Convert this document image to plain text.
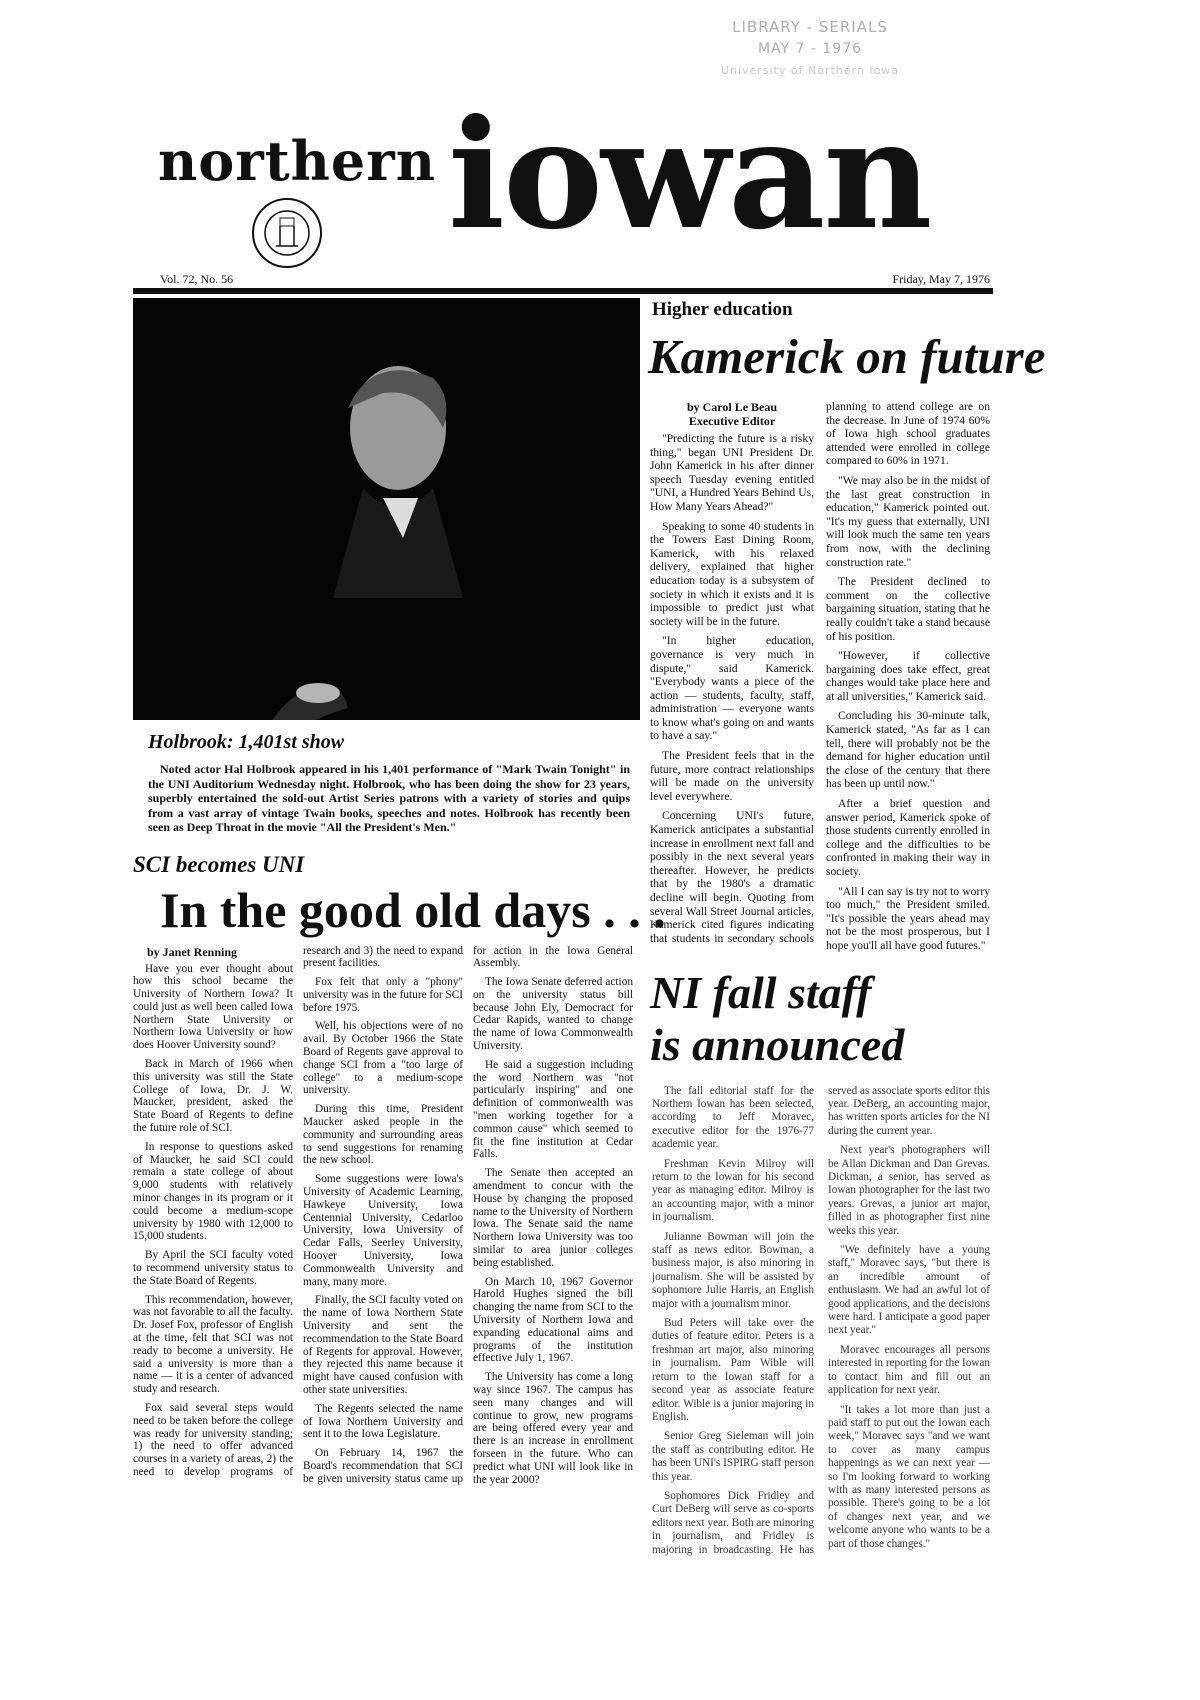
LIBRARY - SERIALS
MAY 7 - 1976
University of Northern Iowa
northern iowan
Vol. 72, No. 56	Friday, May 7, 1976
Holbrook: 1,401st show
Noted actor Hal Holbrook appeared in his 1,401 performance of "Mark Twain Tonight" in the UNI Auditorium Wednesday night. Holbrook, who has been doing the show for 23 years, superbly entertained the sold-out Artist Series patrons with a variety of stories and quips from a vast array of vintage Twain books, speeches and notes. Holbrook has recently been seen as Deep Throat in the movie "All the President's Men."
SCI becomes UNI
In the good old days . . .
by Janet Renning

Have you ever thought about how this school became the University of Northern Iowa? It could just as well been called Iowa Northern State University or Northern Iowa University or how does Hoover University sound?

Back in March of 1966 when this university was still the State College of Iowa, Dr. J. W. Maucker, president, asked the State Board of Regents to define the future role of SCI.

In response to questions asked of Maucker, he said SCI could remain a state college of about 9,000 students with relatively minor changes in its program or it could become a medium-scope university by 1980 with 12,000 to 15,000 students.

By April the SCI faculty voted to recommend university status to the State Board of Regents.

This recommendation, however, was not favorable to all the faculty. Dr. Josef Fox, professor of English at the time, felt that SCI was not ready to become a university. He said a university is more than a name — it is a center of advanced study and research.

Fox said several steps would need to be taken before the college was ready for university standing; 1) the need to offer advanced courses in a variety of areas, 2) the need to develop programs of research and 3) the need to expand present facilities.

Fox felt that only a "phony" university was in the future for SCI before 1975.

Well, his objections were of no avail. By October 1966 the State Board of Regents gave approval to change SCI from a "too large of college" to a medium-scope university.

During this time, President Maucker asked people in the community and surrounding areas to send suggestions for renaming the new school.

Some suggestions were Iowa's University of Academic Learning, Hawkeye University, Iowa Centennial University, Cedarloo University, Iowa University of Cedar Falls, Seerley University, Hoover University, Iowa Commonwealth University and many, many more.

Finally, the SCI faculty voted on the name of Iowa Northern State University and sent the recommendation to the State Board of Regents for approval. However, they rejected this name because it might have caused confusion with other state universities.

The Regents selected the name of Iowa Northern University and sent it to the Iowa Legislature.

On February 14, 1967 the Board's recommendation that SCI be given university status came up for action in the Iowa General Assembly.

The Iowa Senate deferred action on the university status bill because John Ely, Democract for Cedar Rapids, wanted to change the name of Iowa Commonwealth University.

He said a suggestion including the word Northern was "not particularly inspiring" and one definition of commonwealth was "men working together for a common cause" which seemed to fit the fine institution at Cedar Falls.

The Senate then accepted an amendment to concur with the House by changing the proposed name to the University of Northern Iowa. The Senate said the name Northern Iowa University was too similar to area junior colleges being established.

On March 10, 1967 Governor Harold Hughes signed the bill changing the name from SCI to the University of Northern Iowa and expanding educational aims and programs of the institution effective July 1, 1967.

The University has come a long way since 1967. The campus has seen many changes and will continue to grow, new programs are being offered every year and there is an increase in enrollment forseen in the future. Who can predict what UNI will look like in the year 2000?

Higher education
Kamerick on future
by Carol Le Beau
Executive Editor

"Predicting the future is a risky thing," began UNI President Dr. John Kamerick in his after dinner speech Tuesday evening entitled "UNI, a Hundred Years Behind Us, How Many Years Ahead?"

Speaking to some 40 students in the Towers East Dining Room, Kamerick, with his relaxed delivery, explained that higher education today is a subsystem of society in which it exists and it is impossible to predict just what society will be in the future.

"In higher education, governance is very much in dispute," said Kamerick. "Everybody wants a piece of the action — students, faculty, staff, administration — everyone wants to know what's going on and wants to have a say."

The President feels that in the future, more contract relationships will be made on the university level everywhere.

Concerning UNI's future, Kamerick anticipates a substantial increase in enrollment next fall and possibly in the next several years thereafter. However, he predicts that by the 1980's a dramatic decline will begin. Quoting from several Wall Street Journal articles, Kamerick cited figures indicating that students in secondary schools planning to attend college are on the decrease. In June of 1974 60% of Iowa high school graduates attended were enrolled in college compared to 60% in 1971.

"We may also be in the midst of the last great construction in education," Kamerick pointed out. "It's my guess that externally, UNI will look much the same ten years from now, with the declining construction rate."

The President declined to comment on the collective bargaining situation, stating that he really couldn't take a stand because of his position.

"However, if collective bargaining does take effect, great changes would take place here and at all universities," Kamerick said.

Concluding his 30-minute talk, Kamerick stated, "As far as I can tell, there will probably not be the demand for higher education until the close of the century that there has been up until now."

After a brief question and answer period, Kamerick spoke of those students currently enrolled in college and the difficulties to be confronted in making their way in society.

"All I can say is try not to worry too much," the President smiled. "It's possible the years ahead may not be the most prosperous, but I hope you'll all have good futures."

NI fall staff
is announced

The fall editorial staff for the Northern Iowan has been selected, according to Jeff Moravec, executive editor for the 1976-77 academic year.

Freshman Kevin Milroy will return to the Iowan for his second year as managing editor. Milroy is an accounting major, with a minor in journalism.

Julianne Bowman will join the staff as news editor. Bowman, a business major, is also minoring in journalism. She will be assisted by sophomore Julie Harris, an English major with a journalism minor.

Bud Peters will take over the duties of feature editor. Peters is a freshman art major, also minoring in journalism. Pam Wible will return to the Iowan staff for a second year as associate feature editor. Wible is a junior majoring in English.

Senior Greg Sieleman will join the staff as contributing editor. He has been UNI's ISPIRG staff person this year.

Sophomores Dick Fridley and Curt DeBerg will serve as co-sports editors next year. Both are minoring in journalism, and Fridley is majoring in broadcasting. He has served as associate sports editor this year. DeBerg, an accounting major, has written sports articles for the NI during the current year.

Next year's photographers will be Allan Dickman and Dan Grevas. Dickman, a senior, has served as Iowan photographer for the last two years. Grevas, a junior art major, filled in as photographer first nine weeks this year.

"We definitely have a young staff," Moravec says, "but there is an incredible amount of enthusiasm. We had an awful lot of good applications, and the decisions were hard. I anticipate a good paper next year."

Moravec encourages all persons interested in reporting for the Iowan to contact him and fill out an application for next year.

"It takes a lot more than just a paid staff to put out the Iowan each week," Moravec says "and we want to cover as many campus happenings as we can next year — so I'm looking forward to working with as many interested persons as possible. There's going to be a lot of changes next year, and we welcome anyone who wants to be a part of those changes."
